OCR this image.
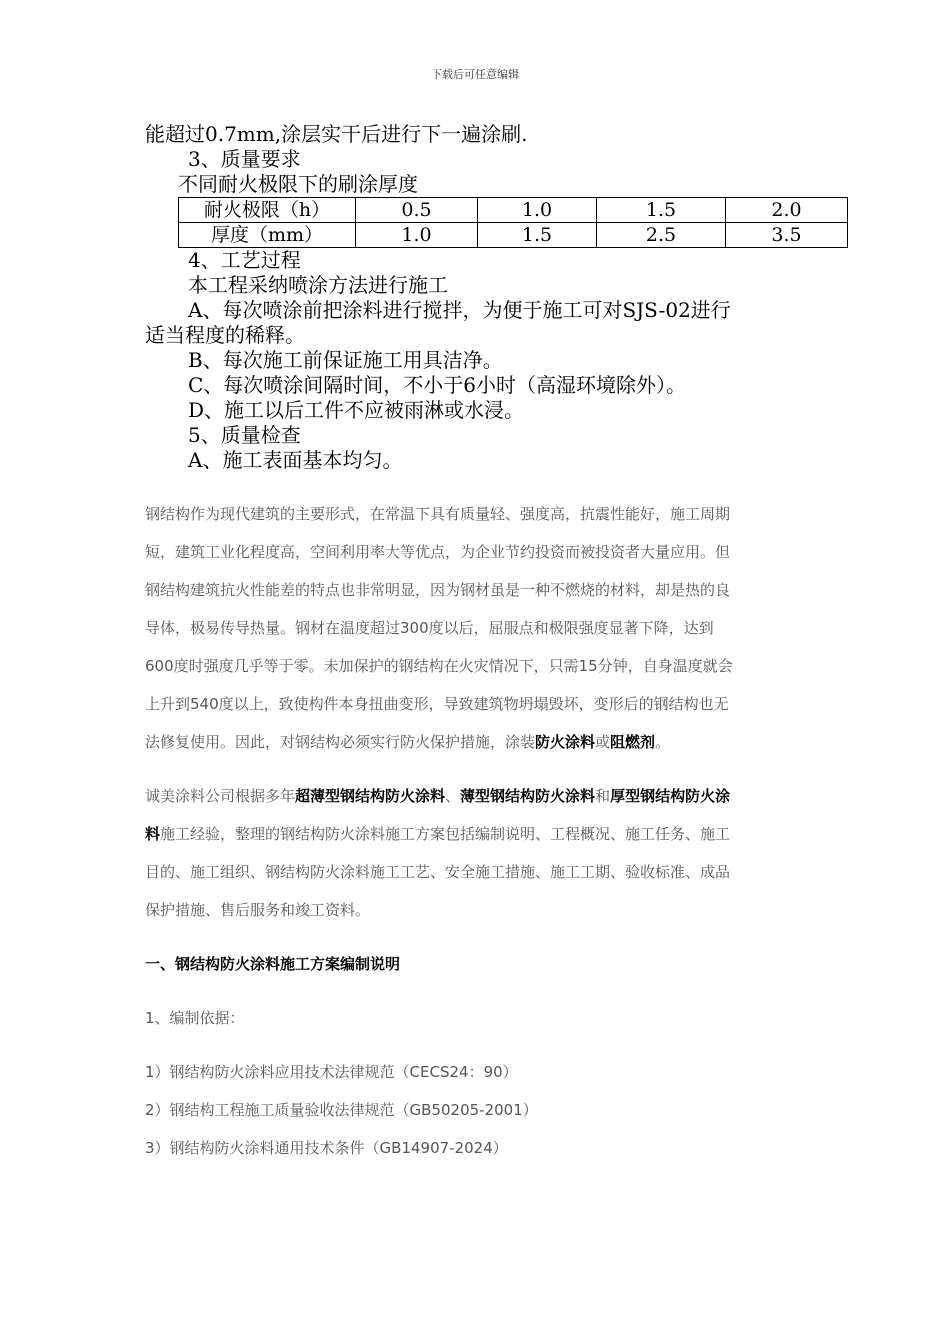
下载后可任意编辑

能超过0.7mm,涂层实干后进行下一遍涂刷.

3、质量要求

不同耐火极限下的刷涂厚度

耐火极限（h）	0.5	1.0	1.5	2.0
厚度（mm）	1.0	1.5	2.5	3.5

4、工艺过程

本工程采纳喷涂方法进行施工

A、每次喷涂前把涂料进行搅拌，为便于施工可对SJS-02进行

适当程度的稀释。

B、每次施工前保证施工用具洁净。

C、每次喷涂间隔时间，不小于6小时（高湿环境除外）。

D、施工以后工件不应被雨淋或水浸。

5、质量检查

A、施工表面基本均匀。

钢结构作为现代建筑的主要形式，在常温下具有质量轻、强度高，抗震性能好，施工周期

短，建筑工业化程度高，空间利用率大等优点，为企业节约投资而被投资者大量应用。但

钢结构建筑抗火性能差的特点也非常明显，因为钢材虽是一种不燃烧的材料，却是热的良

导体，极易传导热量。钢材在温度超过300度以后，屈服点和极限强度显著下降，达到

600度时强度几乎等于零。未加保护的钢结构在火灾情况下，只需15分钟，自身温度就会

上升到540度以上，致使构件本身扭曲变形，导致建筑物坍塌毁坏，变形后的钢结构也无

法修复使用。因此，对钢结构必须实行防火保护措施，涂装防火涂料或阻燃剂。

诚美涂料公司根据多年超薄型钢结构防火涂料、薄型钢结构防火涂料和厚型钢结构防火涂

料施工经验，整理的钢结构防火涂料施工方案包括编制说明、工程概况、施工任务、施工

目的、施工组织、钢结构防火涂料施工工艺、安全施工措施、施工工期、验收标准、成品

保护措施、售后服务和竣工资料。

一、钢结构防火涂料施工方案编制说明

1、编制依据：

1）钢结构防火涂料应用技术法律规范（CECS24：90）

2）钢结构工程施工质量验收法律规范（GB50205-2001）

3）钢结构防火涂料通用技术条件（GB14907-2024）
